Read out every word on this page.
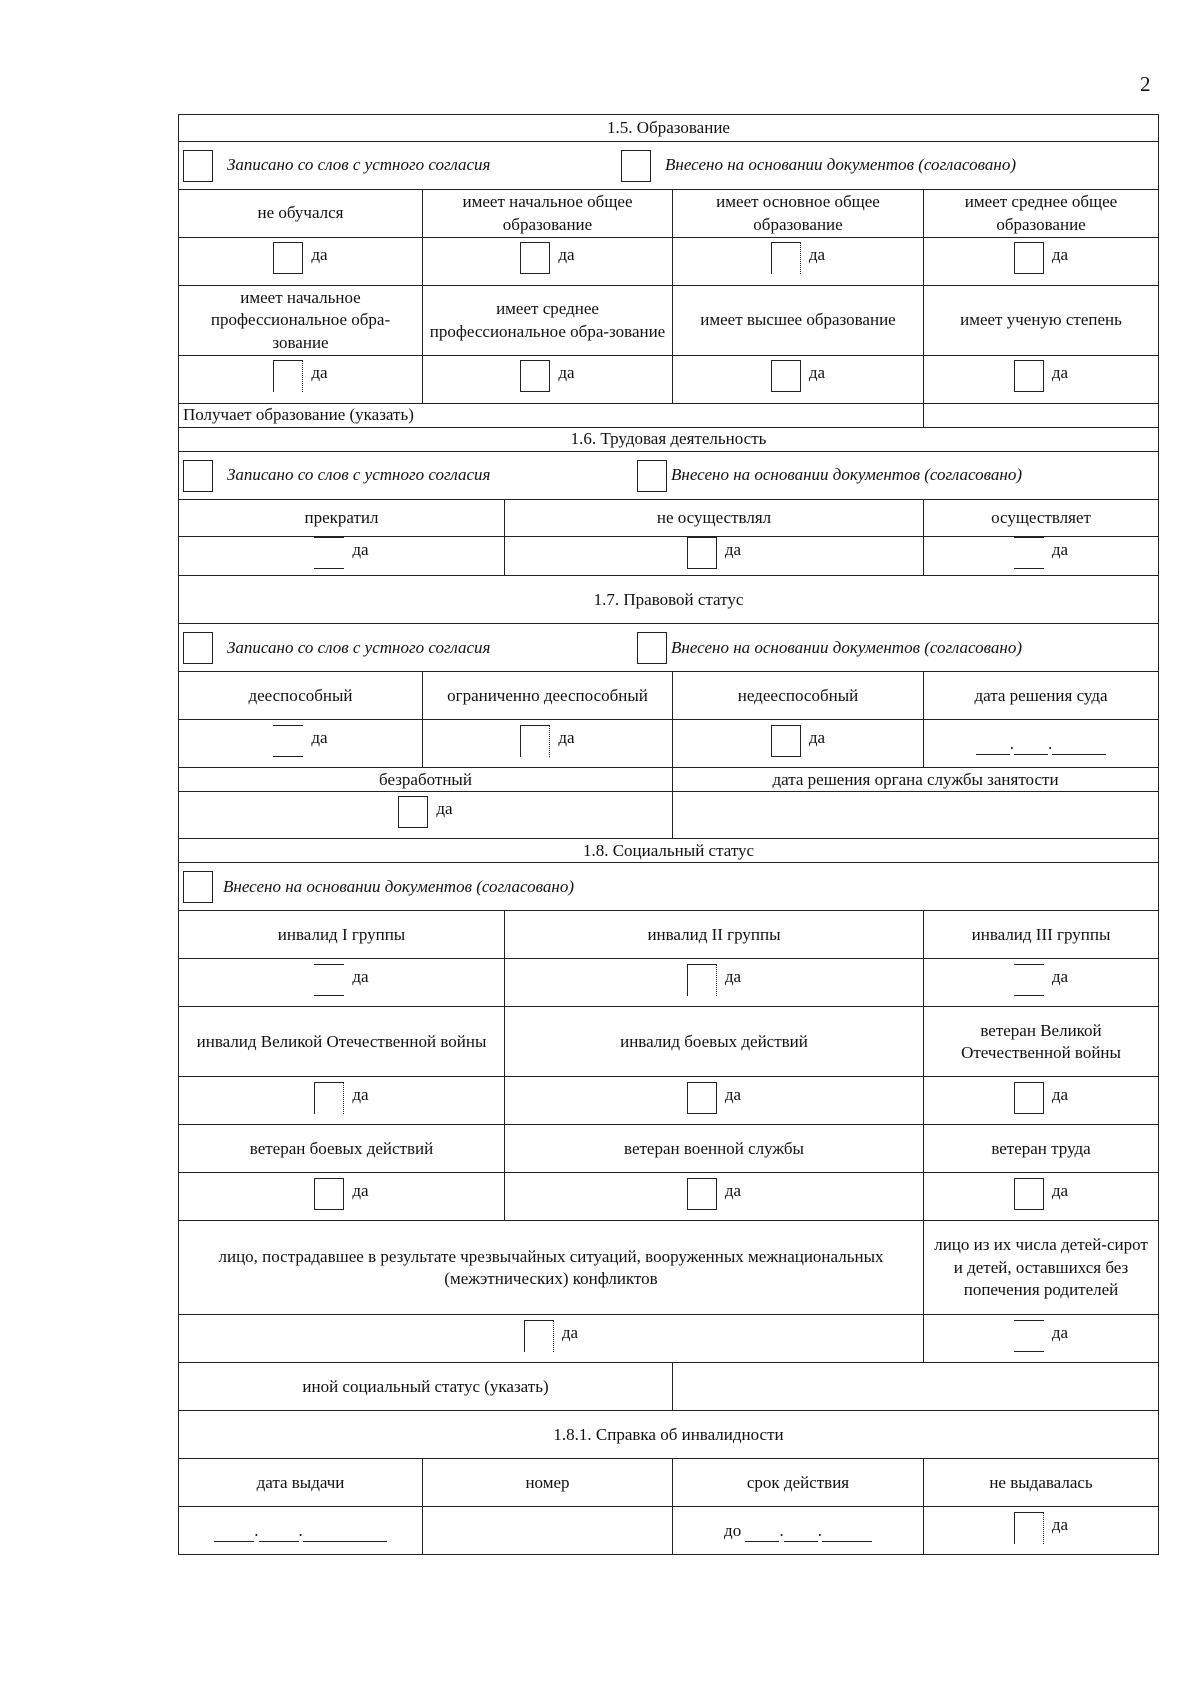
2
1.5. Образование				

Записано со слов с устного согласия Внесено на основании документов (согласовано)				

не обучался	имеет начальное общее образование		имеет основное общее образование	имеет среднее общее образование

да	да		да	да

имеет начальное профессиональное обра-зование	имеет среднее профессиональное обра-зование		имеет высшее образование	имеет ученую степень

да	да		да	да

Получает образование (указать)				
1.6. Трудовая деятельность				

Записано со слов с устного согласия Внесено на основании документов (согласовано)				

прекратил		не осуществлял		осуществляет

да		да		да

1.7. Правовой статус				

Записано со слов с устного согласия Внесено на основании документов (согласовано)				

дееспособный	ограниченно дееспособный		недееспособный	дата решения суда

да	да		да	. .
безработный			дата решения органа службы занятости	

да				

1.8. Социальный статус				

Внесено на основании документов (согласовано)				

инвалид I группы		инвалид II группы		инвалид III группы

да		да		да

инвалид Великой Отечественной войны		инвалид боевых действий		ветеран Великой Отечественной войны

да		да		да

ветеран боевых действий		ветеран военной службы		ветеран труда

да		да		да

лицо, пострадавшее в результате чрезвычайных ситуаций, вооруженных межнациональных (межэтнических) конфликтов				лицо из их числа детей-сирот и детей, оставшихся без попечения родителей

да				да

иной социальный статус (указать)				
1.8.1. Справка об инвалидности				
дата выдачи	номер		срок действия	не выдавалась
. .			до . .	да
